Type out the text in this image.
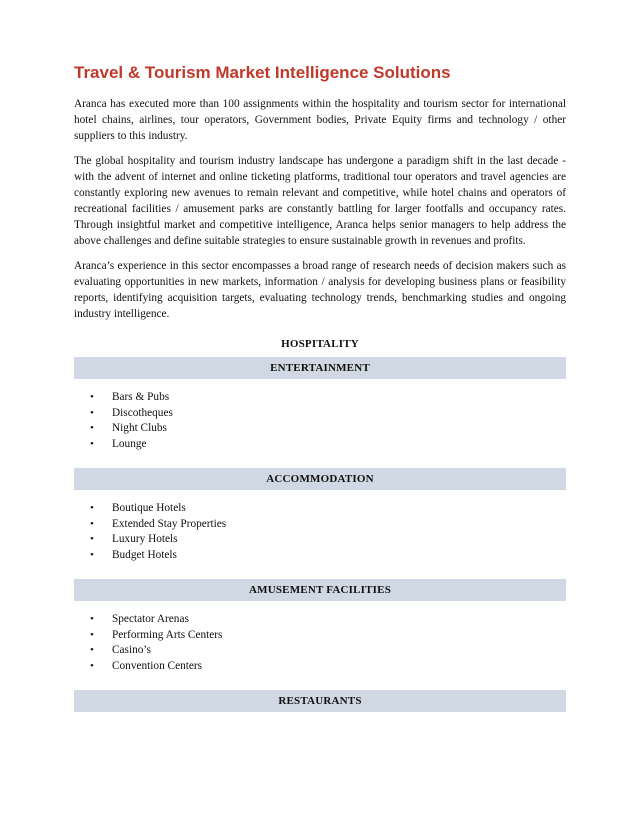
Travel & Tourism Market Intelligence Solutions

Aranca has executed more than 100 assignments within the hospitality and tourism sector for international hotel chains, airlines, tour operators, Government bodies, Private Equity firms and technology / other suppliers to this industry.

The global hospitality and tourism industry landscape has undergone a paradigm shift in the last decade - with the advent of internet and online ticketing platforms, traditional tour operators and travel agencies are constantly exploring new avenues to remain relevant and competitive, while hotel chains and operators of recreational facilities / amusement parks are constantly battling for larger footfalls and occupancy rates. Through insightful market and competitive intelligence, Aranca helps senior managers to help address the above challenges and define suitable strategies to ensure sustainable growth in revenues and profits.

Aranca’s experience in this sector encompasses a broad range of research needs of decision makers such as evaluating opportunities in new markets, information / analysis for developing business plans or feasibility reports, identifying acquisition targets, evaluating technology trends, benchmarking studies and ongoing industry intelligence.

HOSPITALITY
ENTERTAINMENT
• Bars & Pubs
• Discotheques
• Night Clubs
• Lounge
ACCOMMODATION
• Boutique Hotels
• Extended Stay Properties
• Luxury Hotels
• Budget Hotels
AMUSEMENT FACILITIES
• Spectator Arenas
• Performing Arts Centers
• Casino’s
• Convention Centers
RESTAURANTS
